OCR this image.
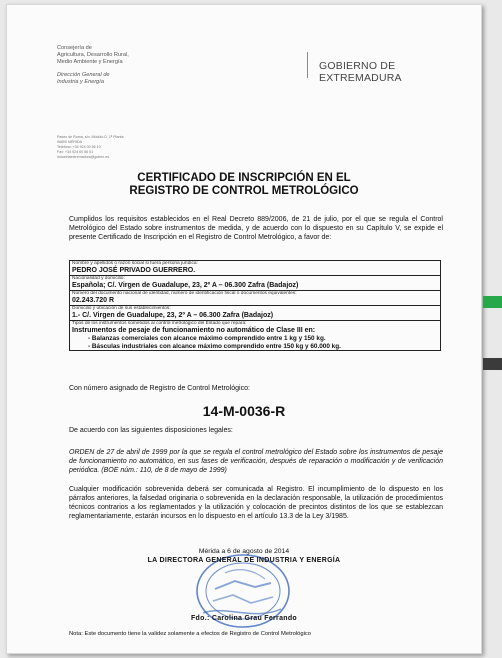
Consejería de
Agricultura, Desarrollo Rural,
Medio Ambiente y Energía
Dirección General de
Industria y Energía
Paseo de Roma, s/n. Módulo D, 1ª Planta
06800 MÉRIDA
Teléfono: +34 924 00 56 10
Fax: +34 924 00 56 01
industriaextremadura@gobex.es
GOBIERNO DE EXTREMADURA
CERTIFICADO DE INSCRIPCIÓN EN EL
REGISTRO DE CONTROL METROLÓGICO
Cumplidos los requisitos establecidos en el Real Decreto 889/2006, de 21 de julio, por el que se regula el Control Metrológico del Estado sobre instrumentos de medida, y de acuerdo con lo dispuesto en su Capítulo V, se expide el presente Certificado de Inscripción en el Registro de Control Metrológico, a favor de:
Nombre y apellidos o razón social si fuera persona jurídica:
PEDRO JOSÉ PRIVADO GUERRERO.

Nacionalidad y domicilio:
Española; C/. Virgen de Guadalupe, 23, 2º A – 06.300 Zafra (Badajoz)

Número del documento nacional de identidad, número de identificación fiscal o documentos equivalentes:
02.243.720 R

Domicilio y ubicación de sus establecimientos:
1.- C/. Virgen de Guadalupe, 23, 2º A – 06.300 Zafra (Badajoz)

Tipos de los instrumentos sometidos al control metrológico del Estado que repara:
Instrumentos de pesaje de funcionamiento no automático de Clase III en:
- Balanzas comerciales con alcance máximo comprendido entre 1 kg y 150 kg.
- Básculas industriales con alcance máximo comprendido entre 150 kg y 60.000 kg.
Con número asignado de Registro de Control Metrológico:
14-M-0036-R
De acuerdo con las siguientes disposiciones legales:
ORDEN de 27 de abril de 1999 por la que se regula el control metrológico del Estado sobre los instrumentos de pesaje de funcionamiento no automático, en sus fases de verificación, después de reparación o modificación y de verificación periódica. (BOE núm.: 110, de 8 de mayo de 1999)
Cualquier modificación sobrevenida deberá ser comunicada al Registro. El incumplimiento de lo dispuesto en los párrafos anteriores, la falsedad originaria o sobrevenida en la declaración responsable, la utilización de procedimientos técnicos contrarios a los reglamentados y la utilización y colocación de precintos distintos de los que se establezcan reglamentariamente, estarán incursos en lo dispuesto en el artículo 13.3 de la Ley 3/1985.
Mérida a 6 de agosto de 2014
LA DIRECTORA GENERAL DE INDUSTRIA Y ENERGÍA
Fdo.: Carolina Grau Ferrando
Nota: Este documento tiene la validez solamente a efectos de Registro de Control Metrológico
